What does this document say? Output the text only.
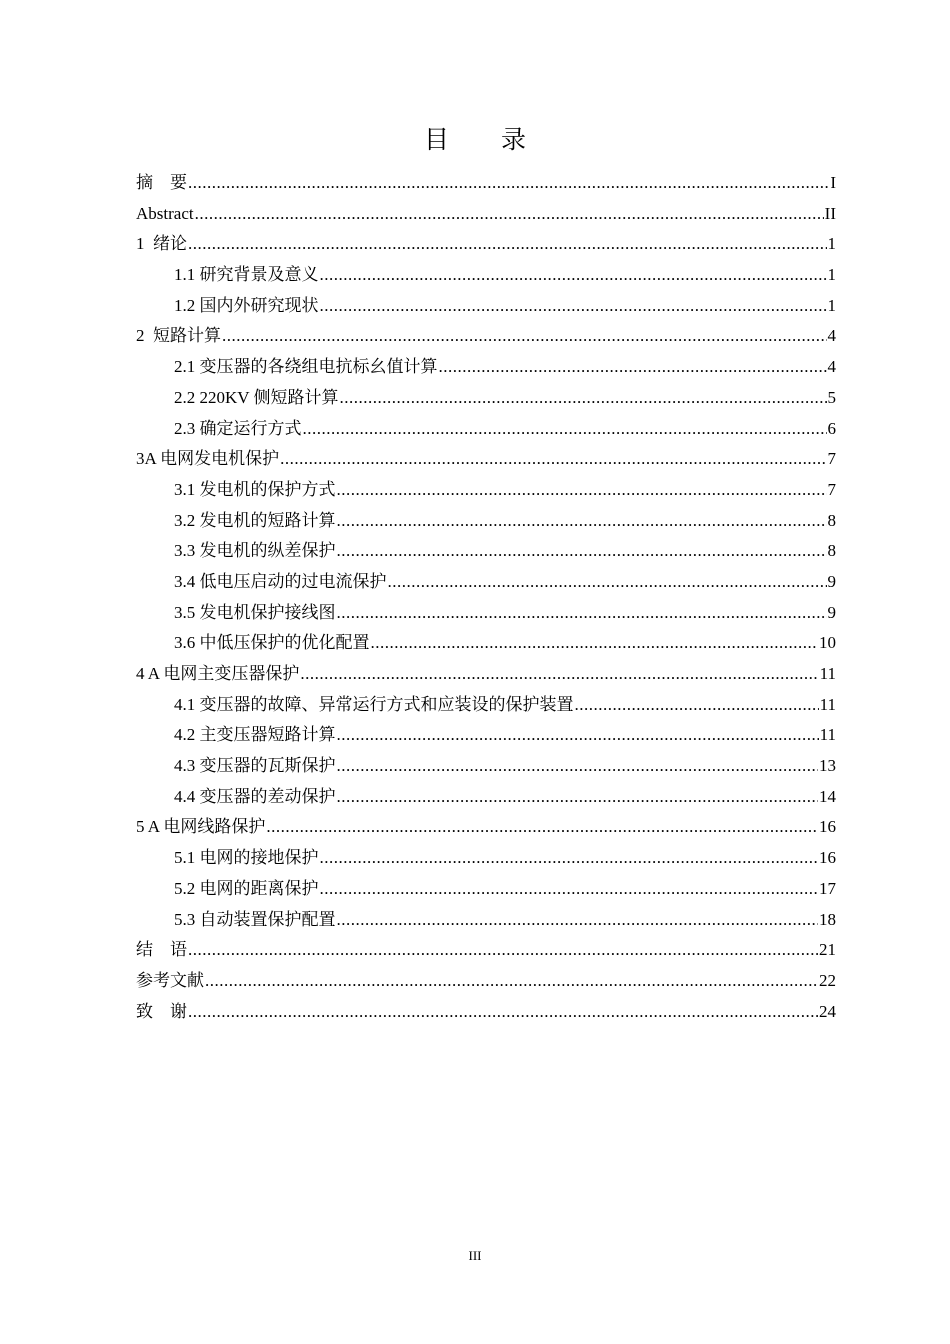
目 录
摘    要 .....	I
Abstract .....	II
1  绪论 .....	1
1.1 研究背景及意义 .....	1
1.2 国内外研究现状 .....	1
2  短路计算 .....	4
2.1 变压器的各绕组电抗标幺值计算 .....	4
2.2 220KV 侧短路计算 .....	5
2.3 确定运行方式 .....	6
3A 电网发电机保护 .....	7
3.1 发电机的保护方式 .....	7
3.2 发电机的短路计算 .....	8
3.3 发电机的纵差保护 .....	8
3.4 低电压启动的过电流保护 .....	9
3.5 发电机保护接线图 .....	9
3.6 中低压保护的优化配置 .....	10
4 A 电网主变压器保护 .....	11
4.1 变压器的故障、异常运行方式和应装设的保护装置 .....	11
4.2 主变压器短路计算 .....	11
4.3 变压器的瓦斯保护 .....	13
4.4 变压器的差动保护 .....	14
5 A 电网线路保护 .....	16
5.1 电网的接地保护 .....	16
5.2 电网的距离保护 .....	17
5.3 自动装置保护配置 .....	18
结    语 .....	21
参考文献 .....	22
致    谢 .....	24
III
